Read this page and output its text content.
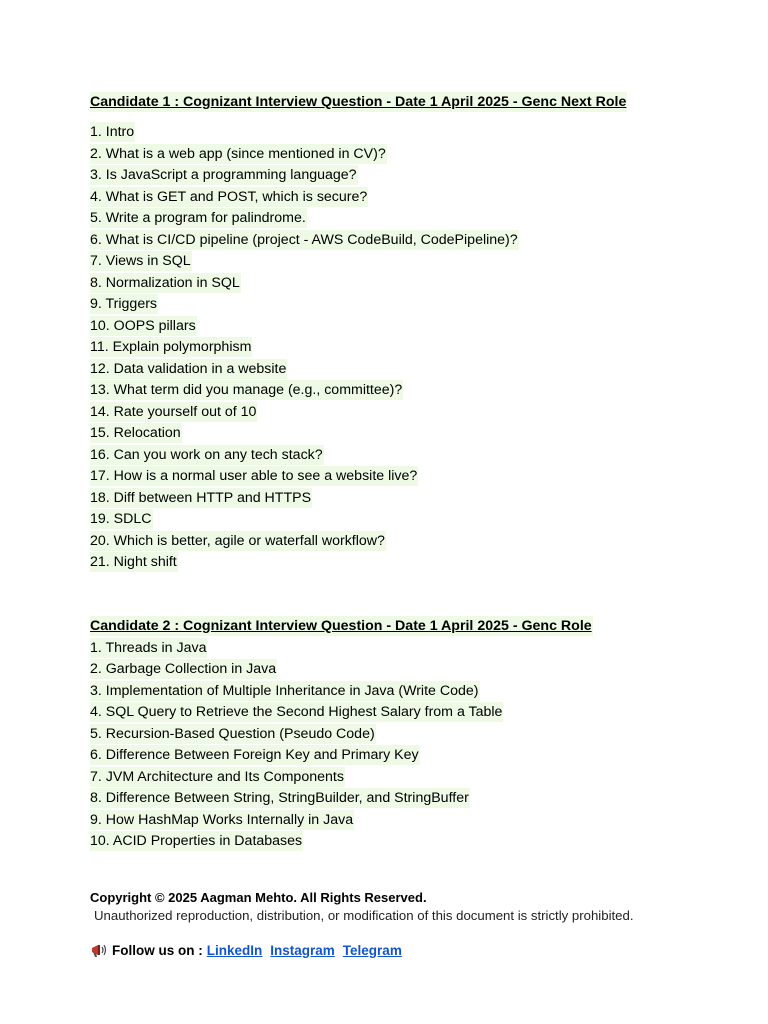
Candidate 1 : Cognizant Interview Question - Date 1 April 2025 - Genc Next Role
1. Intro
2. What is a web app (since mentioned in CV)?
3. Is JavaScript a programming language?
4. What is GET and POST, which is secure?
5. Write a program for palindrome.
6. What is CI/CD pipeline (project - AWS CodeBuild, CodePipeline)?
7. Views in SQL
8. Normalization in SQL
9. Triggers
10. OOPS pillars
11. Explain polymorphism
12. Data validation in a website
13. What term did you manage (e.g., committee)?
14. Rate yourself out of 10
15. Relocation
16. Can you work on any tech stack?
17. How is a normal user able to see a website live?
18. Diff between HTTP and HTTPS
19. SDLC
20. Which is better, agile or waterfall workflow?
21. Night shift
Candidate 2 : Cognizant Interview Question - Date 1 April 2025 - Genc Role
1. Threads in Java
2. Garbage Collection in Java
3. Implementation of Multiple Inheritance in Java (Write Code)
4. SQL Query to Retrieve the Second Highest Salary from a Table
5. Recursion-Based Question (Pseudo Code)
6. Difference Between Foreign Key and Primary Key
7. JVM Architecture and Its Components
8. Difference Between String, StringBuilder, and StringBuffer
9. How HashMap Works Internally in Java
10. ACID Properties in Databases
Copyright © 2025 Aagman Mehto. All Rights Reserved.
Unauthorized reproduction, distribution, or modification of this document is strictly prohibited.
Follow us on : LinkedIn Instagram Telegram
